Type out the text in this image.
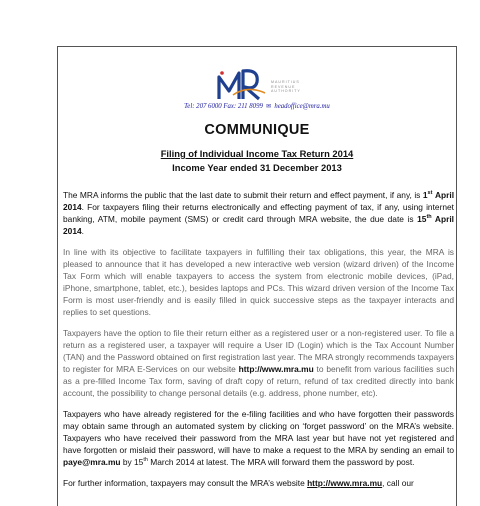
MAURITIUS
REVENUE
AUTHORITY
Tel: 207 6000 Fax: 211 8099  ✉  headoffice@mra.mu
COMMUNIQUE
Filing of Individual Income Tax Return 2014
Income Year ended 31 December 2013

The MRA informs the public that the last date to submit their return and effect payment, if any, is 1st April 2014. For taxpayers filing their returns electronically and effecting payment of tax, if any, using internet banking, ATM, mobile payment (SMS) or credit card through MRA website, the due date is 15th April 2014.

In line with its objective to facilitate taxpayers in fulfilling their tax obligations, this year, the MRA is pleased to announce that it has developed a new interactive web version (wizard driven) of the Income Tax Form which will enable taxpayers to access the system from electronic mobile devices, (iPad, iPhone, smartphone, tablet, etc.), besides laptops and PCs. This wizard driven version of the Income Tax Form is most user-friendly and is easily filled in quick successive steps as the taxpayer interacts and replies to set questions.

Taxpayers have the option to file their return either as a registered user or a non-registered user. To file a return as a registered user, a taxpayer will require a User ID (Login) which is the Tax Account Number (TAN) and the Password obtained on first registration last year. The MRA strongly recommends taxpayers to register for MRA E-Services on our website http://www.mra.mu to benefit from various facilities such as a pre-filled Income Tax form, saving of draft copy of return, refund of tax credited directly into bank account, the possibility to change personal details (e.g. address, phone number, etc).

Taxpayers who have already registered for the e-filing facilities and who have forgotten their passwords may obtain same through an automated system by clicking on ‘forget password’ on the MRA’s website. Taxpayers who have received their password from the MRA last year but have not yet registered and have forgotten or mislaid their password, will have to make a request to the MRA by sending an email to paye@mra.mu by 15th March 2014 at latest. The MRA will forward them the password by post.

For further information, taxpayers may consult the MRA’s website http://www.mra.mu, call our
